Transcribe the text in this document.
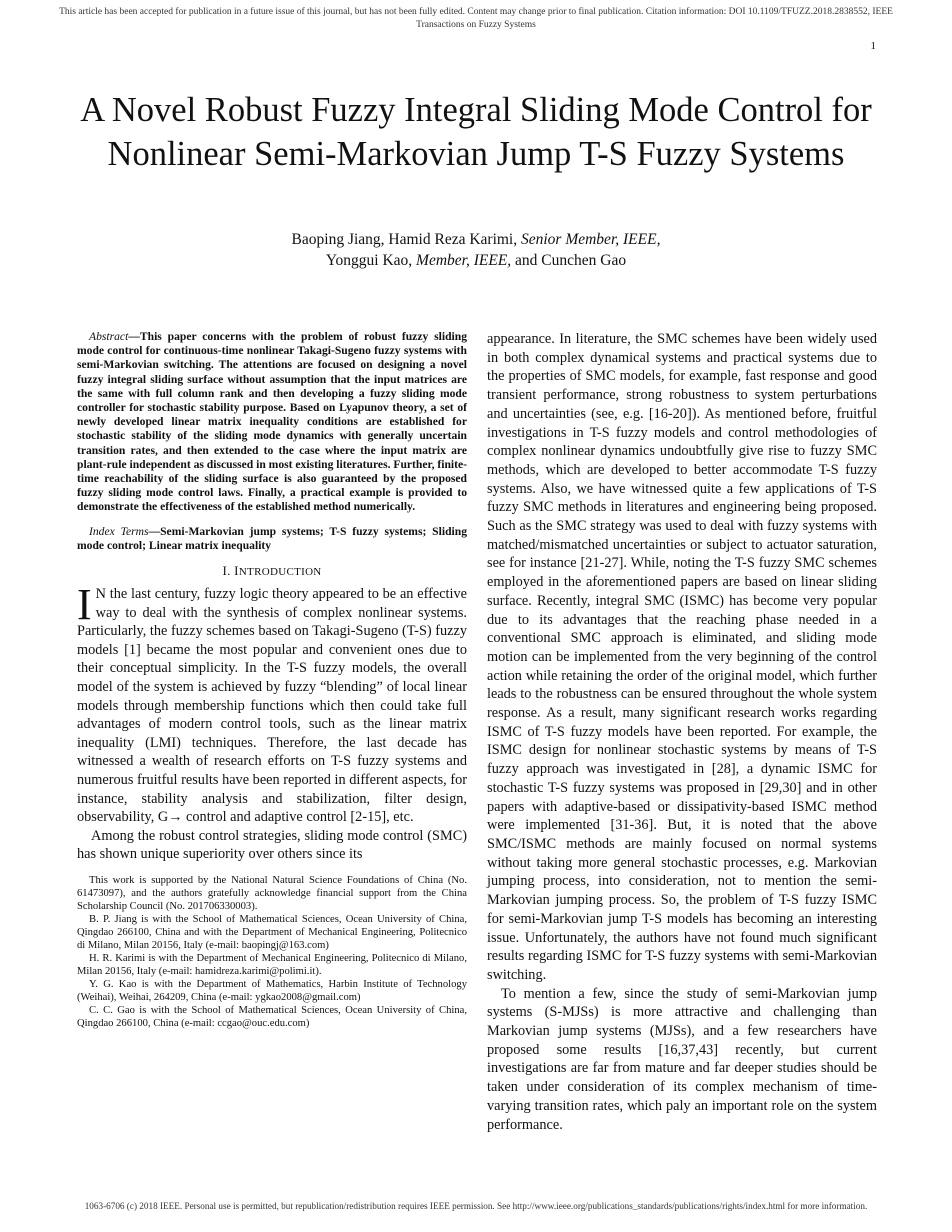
This article has been accepted for publication in a future issue of this journal, but has not been fully edited. Content may change prior to final publication. Citation information: DOI 10.1109/TFUZZ.2018.2838552, IEEE
Transactions on Fuzzy Systems
1
A Novel Robust Fuzzy Integral Sliding Mode Control for Nonlinear Semi-Markovian Jump T-S Fuzzy Systems
Baoping Jiang, Hamid Reza Karimi, Senior Member, IEEE,
Yonggui Kao, Member, IEEE, and Cunchen Gao

Abstract—This paper concerns with the problem of robust fuzzy sliding mode control for continuous-time nonlinear Takagi-Sugeno fuzzy systems with semi-Markovian switching. The attentions are focused on designing a novel fuzzy integral sliding surface without assumption that the input matrices are the same with full column rank and then developing a fuzzy sliding mode controller for stochastic stability purpose. Based on Lyapunov theory, a set of newly developed linear matrix inequality conditions are established for stochastic stability of the sliding mode dynamics with generally uncertain transition rates, and then extended to the case where the input matrix are plant-rule independent as discussed in most existing literatures. Further, finite-time reachability of the sliding surface is also guaranteed by the proposed fuzzy sliding mode control laws. Finally, a practical example is provided to demonstrate the effectiveness of the established method numerically.

Index Terms—Semi-Markovian jump systems; T-S fuzzy systems; Sliding mode control; Linear matrix inequality

I. INTRODUCTION

I N the last century, fuzzy logic theory appeared to be an effective way to deal with the synthesis of complex nonlinear systems. Particularly, the fuzzy schemes based on Takagi-Sugeno (T-S) fuzzy models [1] became the most popular and convenient ones due to their conceptual simplicity. In the T-S fuzzy models, the overall model of the system is achieved by fuzzy “blending” of local linear models through membership functions which then could take full advantages of modern control tools, such as the linear matrix inequality (LMI) techniques. Therefore, the last decade has witnessed a wealth of research efforts on T-S fuzzy systems and numerous fruitful results have been reported in different aspects, for instance, stability analysis and stabilization, filter design, observability, G→ control and adaptive control [2-15], etc.

Among the robust control strategies, sliding mode control (SMC) has shown unique superiority over others since its

This work is supported by the National Natural Science Foundations of China (No. 61473097), and the authors gratefully acknowledge financial support from the China Scholarship Council (No. 201706330003).

B. P. Jiang is with the School of Mathematical Sciences, Ocean University of China, Qingdao 266100, China and with the Department of Mechanical Engineering, Politecnico di Milano, Milan 20156, Italy (e-mail: baopingj@163.com)

H. R. Karimi is with the Department of Mechanical Engineering, Politecnico di Milano, Milan 20156, Italy (e-mail: hamidreza.karimi@polimi.it).

Y. G. Kao is with the Department of Mathematics, Harbin Institute of Technology (Weihai), Weihai, 264209, China (e-mail: ygkao2008@gmail.com)

C. C. Gao is with the School of Mathematical Sciences, Ocean University of China, Qingdao 266100, China (e-mail: ccgao@ouc.edu.com)

appearance. In literature, the SMC schemes have been widely used in both complex dynamical systems and practical systems due to the properties of SMC models, for example, fast response and good transient performance, strong robustness to system perturbations and uncertainties (see, e.g. [16-20]). As mentioned before, fruitful investigations in T-S fuzzy models and control methodologies of complex nonlinear dynamics undoubtfully give rise to fuzzy SMC methods, which are developed to better accommodate T-S fuzzy systems. Also, we have witnessed quite a few applications of T-S fuzzy SMC methods in literatures and engineering being proposed. Such as the SMC strategy was used to deal with fuzzy systems with matched/mismatched uncertainties or subject to actuator saturation, see for instance [21-27]. While, noting the T-S fuzzy SMC schemes employed in the aforementioned papers are based on linear sliding surface. Recently, integral SMC (ISMC) has become very popular due to its advantages that the reaching phase needed in a conventional SMC approach is eliminated, and sliding mode motion can be implemented from the very beginning of the control action while retaining the order of the original model, which further leads to the robustness can be ensured throughout the whole system response. As a result, many significant research works regarding ISMC of T-S fuzzy models have been reported. For example, the ISMC design for nonlinear stochastic systems by means of T-S fuzzy approach was investigated in [28], a dynamic ISMC for stochastic T-S fuzzy systems was proposed in [29,30] and in other papers with adaptive-based or dissipativity-based ISMC method were implemented [31-36]. But, it is noted that the above SMC/ISMC methods are mainly focused on normal systems without taking more general stochastic processes, e.g. Markovian jumping process, into consideration, not to mention the semi-Markovian jumping process. So, the problem of T-S fuzzy ISMC for semi-Markovian jump T-S models has becoming an interesting issue. Unfortunately, the authors have not found much significant results regarding ISMC for T-S fuzzy systems with semi-Markovian switching.

To mention a few, since the study of semi-Markovian jump systems (S-MJSs) is more attractive and challenging than Markovian jump systems (MJSs), and a few researchers have proposed some results [16,37,43] recently, but current investigations are far from mature and far deeper studies should be taken under consideration of its complex mechanism of time-varying transition rates, which paly an important role on the system performance.

1063-6706 (c) 2018 IEEE. Personal use is permitted, but republication/redistribution requires IEEE permission. See http://www.ieee.org/publications_standards/publications/rights/index.html for more information.
